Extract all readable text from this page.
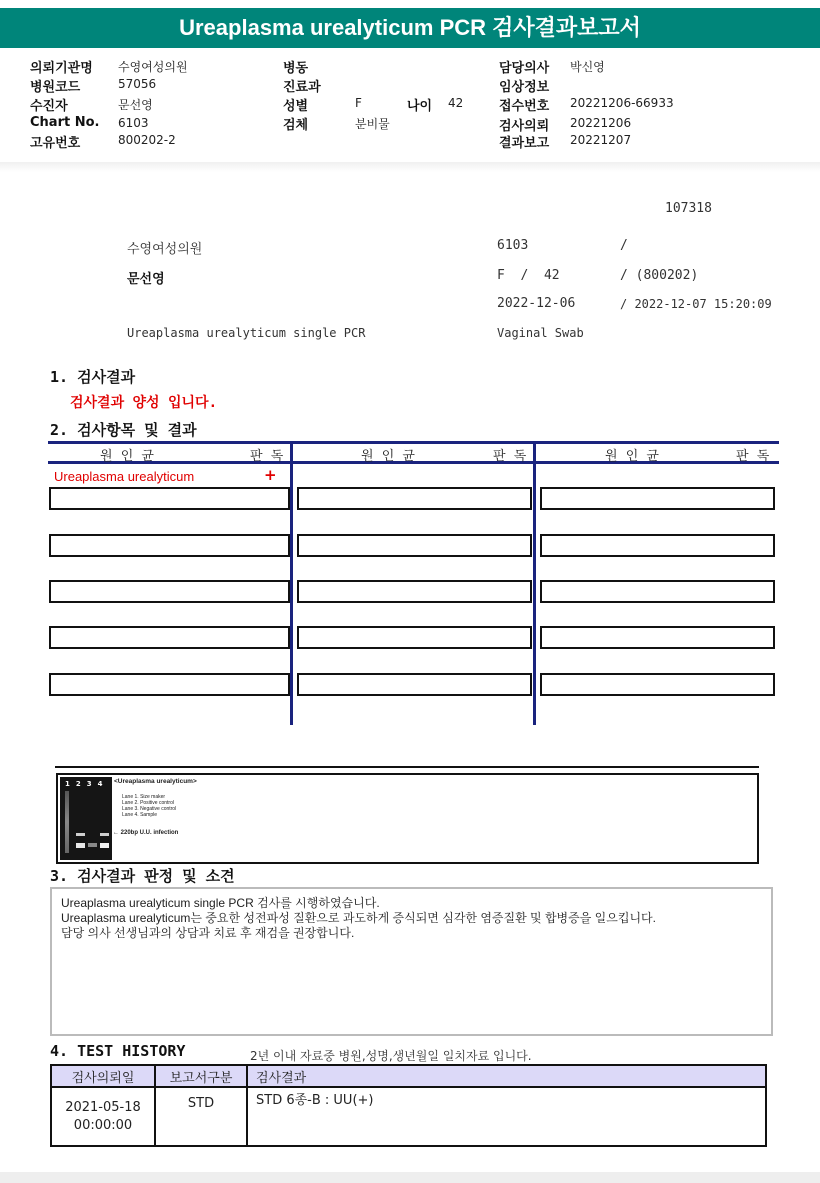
Ureaplasma urealyticum PCR 검사결과보고서
의뢰기관명 수영여성의원
병원코드	57056
수진자	문선영
Chart No. 6103
고유번호	800202-2
병동
진료과
성별	F	나이 42
검체	분비물
담당의사 박신영
임상정보
접수번호 20221206-66933
검사의뢰 20221206
결과보고 20221207
107318
수영여성의원	6103	/
문선영	F  /  42	/ (800202)
2022-12-06	/ 2022-12-07 15:20:09
Ureaplasma urealyticum single PCR	Vaginal Swab
1. 검사결과
검사결과 양성 입니다.
2. 검사항목 및 결과
원 인 균	판 독	원 인 균	판 독	원 인 균	판 독
Ureaplasma urealyticum	+
1 2 3 4	<Ureaplasma urealyticum>
Lane 1. Size maker
Lane 2. Positive control
Lane 3. Negative control
Lane 4. Sample
← 220bp U.U. infection
3. 검사결과 판정 및 소견
Ureaplasma urealyticum single PCR 검사를 시행하였습니다.
Ureaplasma urealyticum는 중요한 성전파성 질환으로 과도하게 증식되면 심각한 염증질환 및 합병증을 일으킵니다.
담당 의사 선생님과의 상담과 치료 후 재검을 권장합니다.
4. TEST HISTORY	2년 이내 자료중 병원,성명,생년월일 일치자료 입니다.
검사의뢰일	보고서구분	검사결과

2021-05-18
00:00:00	STD	STD 6종-B : UU(+)
